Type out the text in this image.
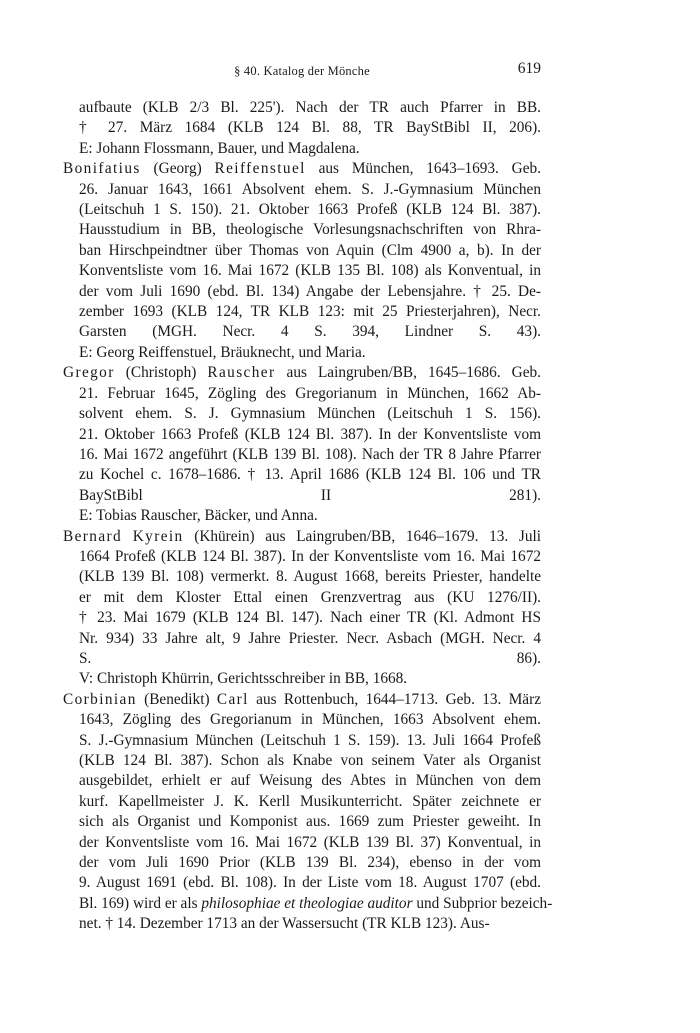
§ 40. Katalog der Mönche	619
aufbaute (KLB 2/3 Bl. 225'). Nach der TR auch Pfarrer in BB.
† 27. März 1684 (KLB 124 Bl. 88, TR BayStBibl II, 206).
E: Johann Flossmann, Bauer, und Magdalena.
Bonifatius (Georg) Reiffenstuel aus München, 1643–1693. Geb.
26. Januar 1643, 1661 Absolvent ehem. S. J.-Gymnasium München
(Leitschuh 1 S. 150). 21. Oktober 1663 Profeß (KLB 124 Bl. 387).
Hausstudium in BB, theologische Vorlesungsnachschriften von Rhra-
ban Hirschpeindtner über Thomas von Aquin (Clm 4900 a, b). In der
Konventsliste vom 16. Mai 1672 (KLB 135 Bl. 108) als Konventual, in
der vom Juli 1690 (ebd. Bl. 134) Angabe der Lebensjahre. † 25. De-
zember 1693 (KLB 124, TR KLB 123: mit 25 Priesterjahren), Necr.
Garsten (MGH. Necr. 4 S. 394, Lindner S. 43).
E: Georg Reiffenstuel, Bräuknecht, und Maria.
Gregor (Christoph) Rauscher aus Laingruben/BB, 1645–1686. Geb.
21. Februar 1645, Zögling des Gregorianum in München, 1662 Ab-
solvent ehem. S. J. Gymnasium München (Leitschuh 1 S. 156).
21. Oktober 1663 Profeß (KLB 124 Bl. 387). In der Konventsliste vom
16. Mai 1672 angeführt (KLB 139 Bl. 108). Nach der TR 8 Jahre Pfarrer
zu Kochel c. 1678–1686. † 13. April 1686 (KLB 124 Bl. 106 und TR
BayStBibl II 281).
E: Tobias Rauscher, Bäcker, und Anna.
Bernard Kyrein (Khürein) aus Laingruben/BB, 1646–1679. 13. Juli
1664 Profeß (KLB 124 Bl. 387). In der Konventsliste vom 16. Mai 1672
(KLB 139 Bl. 108) vermerkt. 8. August 1668, bereits Priester, handelte
er mit dem Kloster Ettal einen Grenzvertrag aus (KU 1276/II).
† 23. Mai 1679 (KLB 124 Bl. 147). Nach einer TR (Kl. Admont HS
Nr. 934) 33 Jahre alt, 9 Jahre Priester. Necr. Asbach (MGH. Necr. 4
S. 86).
V: Christoph Khürrin, Gerichtsschreiber in BB, 1668.
Corbinian (Benedikt) Carl aus Rottenbuch, 1644–1713. Geb. 13. März
1643, Zögling des Gregorianum in München, 1663 Absolvent ehem.
S. J.-Gymnasium München (Leitschuh 1 S. 159). 13. Juli 1664 Profeß
(KLB 124 Bl. 387). Schon als Knabe von seinem Vater als Organist
ausgebildet, erhielt er auf Weisung des Abtes in München von dem
kurf. Kapellmeister J. K. Kerll Musikunterricht. Später zeichnete er
sich als Organist und Komponist aus. 1669 zum Priester geweiht. In
der Konventsliste vom 16. Mai 1672 (KLB 139 Bl. 37) Konventual, in
der vom Juli 1690 Prior (KLB 139 Bl. 234), ebenso in der vom
9. August 1691 (ebd. Bl. 108). In der Liste vom 18. August 1707 (ebd.
Bl. 169) wird er als philosophiae et theologiae auditor und Subprior bezeich-
net. † 14. Dezember 1713 an der Wassersucht (TR KLB 123). Aus-
